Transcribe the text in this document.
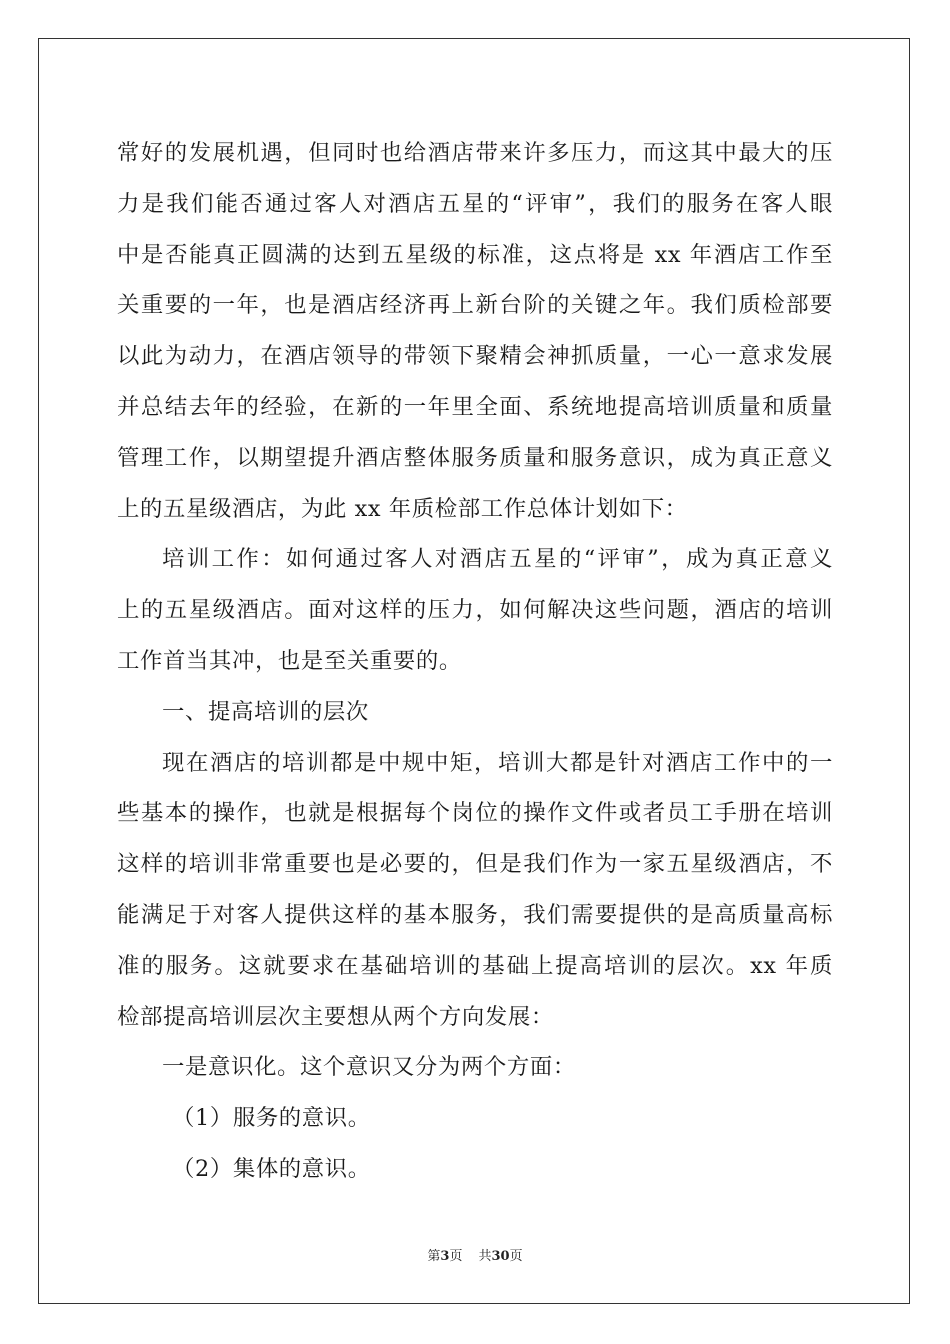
常好的发展机遇，但同时也给酒店带来许多压力，而这其中最大的压
力是我们能否通过客人对酒店五星的“评审”，我们的服务在客人眼
中是否能真正圆满的达到五星级的标准，这点将是 xx 年酒店工作至
关重要的一年，也是酒店经济再上新台阶的关键之年。我们质检部要
以此为动力，在酒店领导的带领下聚精会神抓质量，一心一意求发展
并总结去年的经验，在新的一年里全面、系统地提高培训质量和质量
管理工作，以期望提升酒店整体服务质量和服务意识，成为真正意义
上的五星级酒店，为此 xx 年质检部工作总体计划如下：
培训工作：如何通过客人对酒店五星的“评审”，成为真正意义
上的五星级酒店。面对这样的压力，如何解决这些问题，酒店的培训
工作首当其冲，也是至关重要的。
一、提高培训的层次
现在酒店的培训都是中规中矩，培训大都是针对酒店工作中的一
些基本的操作，也就是根据每个岗位的操作文件或者员工手册在培训
这样的培训非常重要也是必要的，但是我们作为一家五星级酒店，不
能满足于对客人提供这样的基本服务，我们需要提供的是高质量高标
准的服务。这就要求在基础培训的基础上提高培训的层次。xx 年质
检部提高培训层次主要想从两个方向发展：
一是意识化。这个意识又分为两个方面：
（1）服务的意识。
（2）集体的意识。
第3页 共30页
